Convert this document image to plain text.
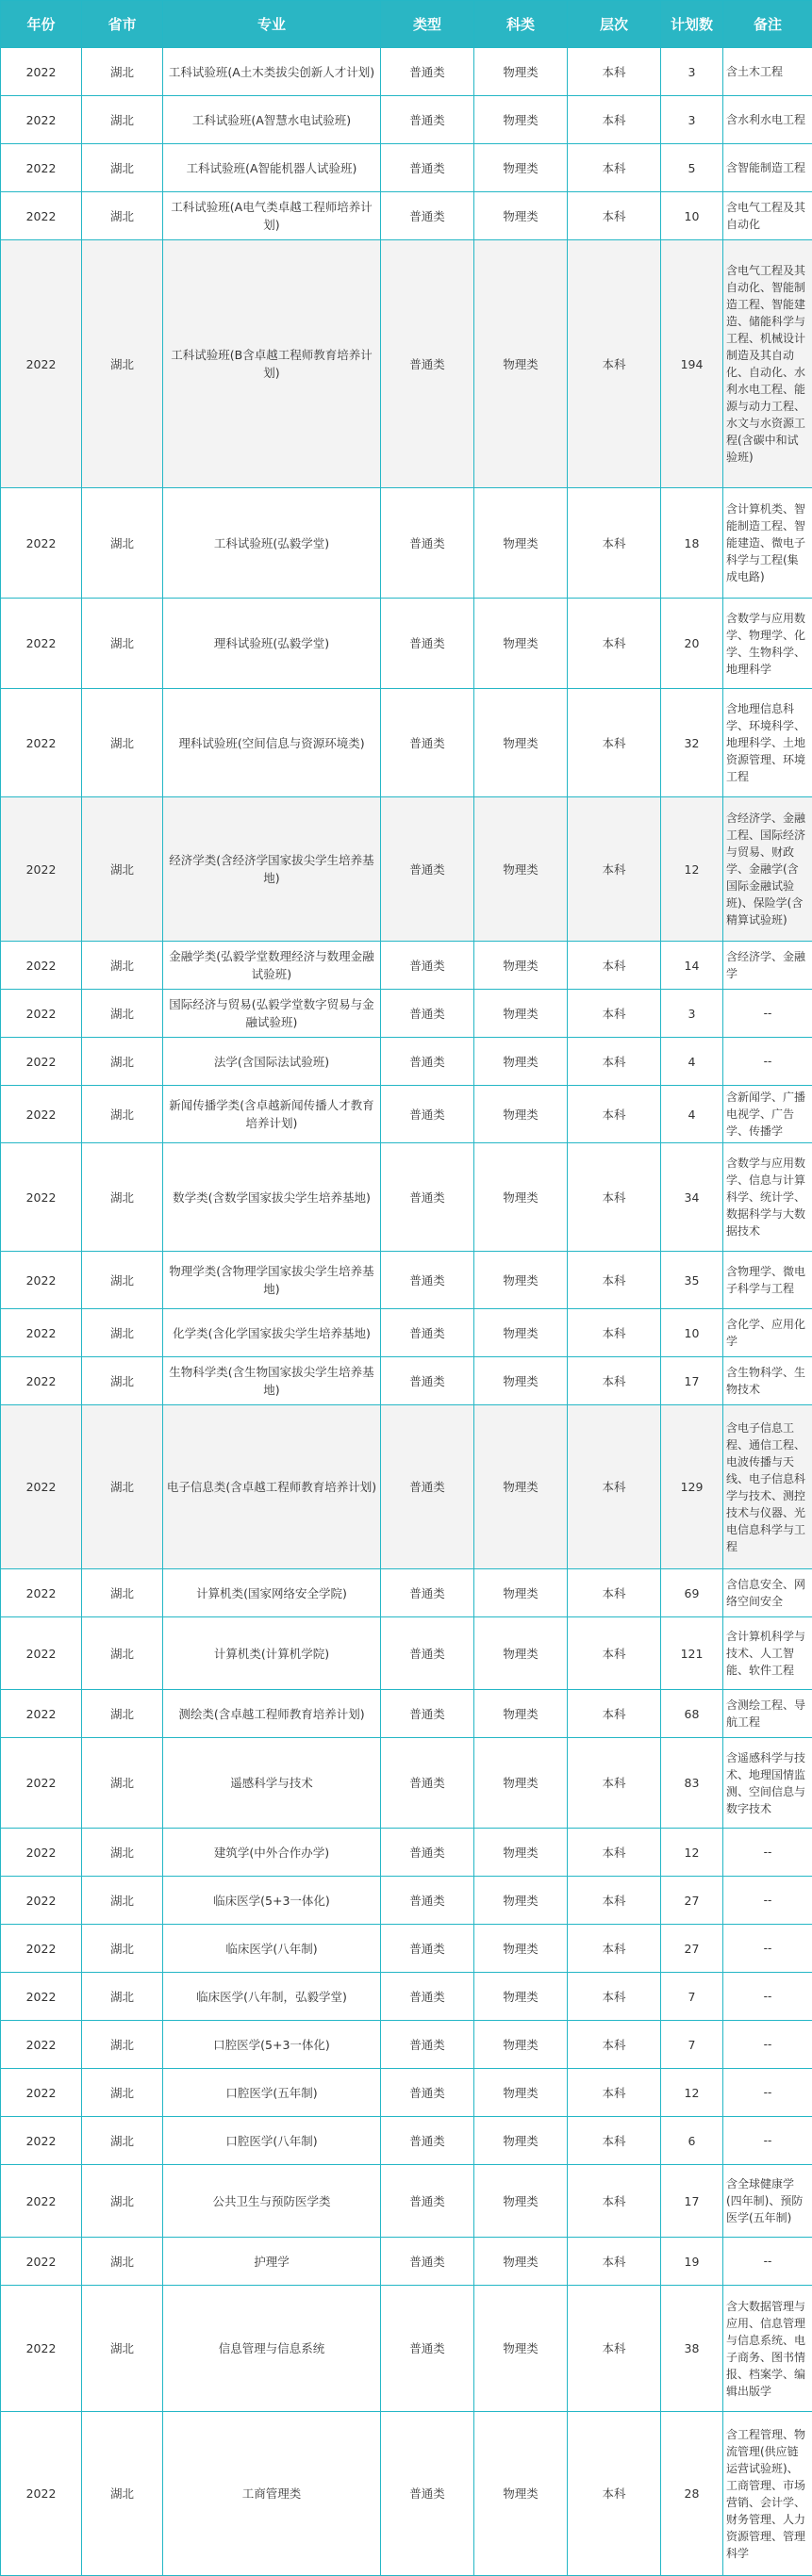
年份	省市	专业	类型	科类	层次	计划数	备注
2022	湖北	工科试验班(A土木类拔尖创新人才计划)	普通类	物理类	本科	3	含土木工程
2022	湖北	工科试验班(A智慧水电试验班)	普通类	物理类	本科	3	含水利水电工程
2022	湖北	工科试验班(A智能机器人试验班)	普通类	物理类	本科	5	含智能制造工程
2022	湖北	工科试验班(A电气类卓越工程师培养计划)	普通类	物理类	本科	10	含电气工程及其自动化
2022	湖北	工科试验班(B含卓越工程师教育培养计划)	普通类	物理类	本科	194	含电气工程及其自动化、智能制造工程、智能建造、储能科学与工程、机械设计制造及其自动化、自动化、水利水电工程、能源与动力工程、水文与水资源工程(含碳中和试验班)
2022	湖北	工科试验班(弘毅学堂)	普通类	物理类	本科	18	含计算机类、智能制造工程、智能建造、微电子科学与工程(集成电路)
2022	湖北	理科试验班(弘毅学堂)	普通类	物理类	本科	20	含数学与应用数学、物理学、化学、生物科学、地理科学
2022	湖北	理科试验班(空间信息与资源环境类)	普通类	物理类	本科	32	含地理信息科学、环境科学、地理科学、土地资源管理、环境工程
2022	湖北	经济学类(含经济学国家拔尖学生培养基地)	普通类	物理类	本科	12	含经济学、金融工程、国际经济与贸易、财政学、金融学(含国际金融试验班)、保险学(含精算试验班)
2022	湖北	金融学类(弘毅学堂数理经济与数理金融试验班)	普通类	物理类	本科	14	含经济学、金融学
2022	湖北	国际经济与贸易(弘毅学堂数字贸易与金融试验班)	普通类	物理类	本科	3	--
2022	湖北	法学(含国际法试验班)	普通类	物理类	本科	4	--
2022	湖北	新闻传播学类(含卓越新闻传播人才教育培养计划)	普通类	物理类	本科	4	含新闻学、广播电视学、广告学、传播学
2022	湖北	数学类(含数学国家拔尖学生培养基地)	普通类	物理类	本科	34	含数学与应用数学、信息与计算科学、统计学、数据科学与大数据技术
2022	湖北	物理学类(含物理学国家拔尖学生培养基地)	普通类	物理类	本科	35	含物理学、微电子科学与工程
2022	湖北	化学类(含化学国家拔尖学生培养基地)	普通类	物理类	本科	10	含化学、应用化学
2022	湖北	生物科学类(含生物国家拔尖学生培养基地)	普通类	物理类	本科	17	含生物科学、生物技术
2022	湖北	电子信息类(含卓越工程师教育培养计划)	普通类	物理类	本科	129	含电子信息工程、通信工程、电波传播与天线、电子信息科学与技术、测控技术与仪器、光电信息科学与工程
2022	湖北	计算机类(国家网络安全学院)	普通类	物理类	本科	69	含信息安全、网络空间安全
2022	湖北	计算机类(计算机学院)	普通类	物理类	本科	121	含计算机科学与技术、人工智能、软件工程
2022	湖北	测绘类(含卓越工程师教育培养计划)	普通类	物理类	本科	68	含测绘工程、导航工程
2022	湖北	遥感科学与技术	普通类	物理类	本科	83	含遥感科学与技术、地理国情监测、空间信息与数字技术
2022	湖北	建筑学(中外合作办学)	普通类	物理类	本科	12	--
2022	湖北	临床医学(5+3一体化)	普通类	物理类	本科	27	--
2022	湖北	临床医学(八年制)	普通类	物理类	本科	27	--
2022	湖北	临床医学(八年制，弘毅学堂)	普通类	物理类	本科	7	--
2022	湖北	口腔医学(5+3一体化)	普通类	物理类	本科	7	--
2022	湖北	口腔医学(五年制)	普通类	物理类	本科	12	--
2022	湖北	口腔医学(八年制)	普通类	物理类	本科	6	--
2022	湖北	公共卫生与预防医学类	普通类	物理类	本科	17	含全球健康学(四年制)、预防医学(五年制)
2022	湖北	护理学	普通类	物理类	本科	19	--
2022	湖北	信息管理与信息系统	普通类	物理类	本科	38	含大数据管理与应用、信息管理与信息系统、电子商务、图书情报、档案学、编辑出版学
2022	湖北	工商管理类	普通类	物理类	本科	28	含工程管理、物流管理(供应链运营试验班)、工商管理、市场营销、会计学、财务管理、人力资源管理、管理科学
